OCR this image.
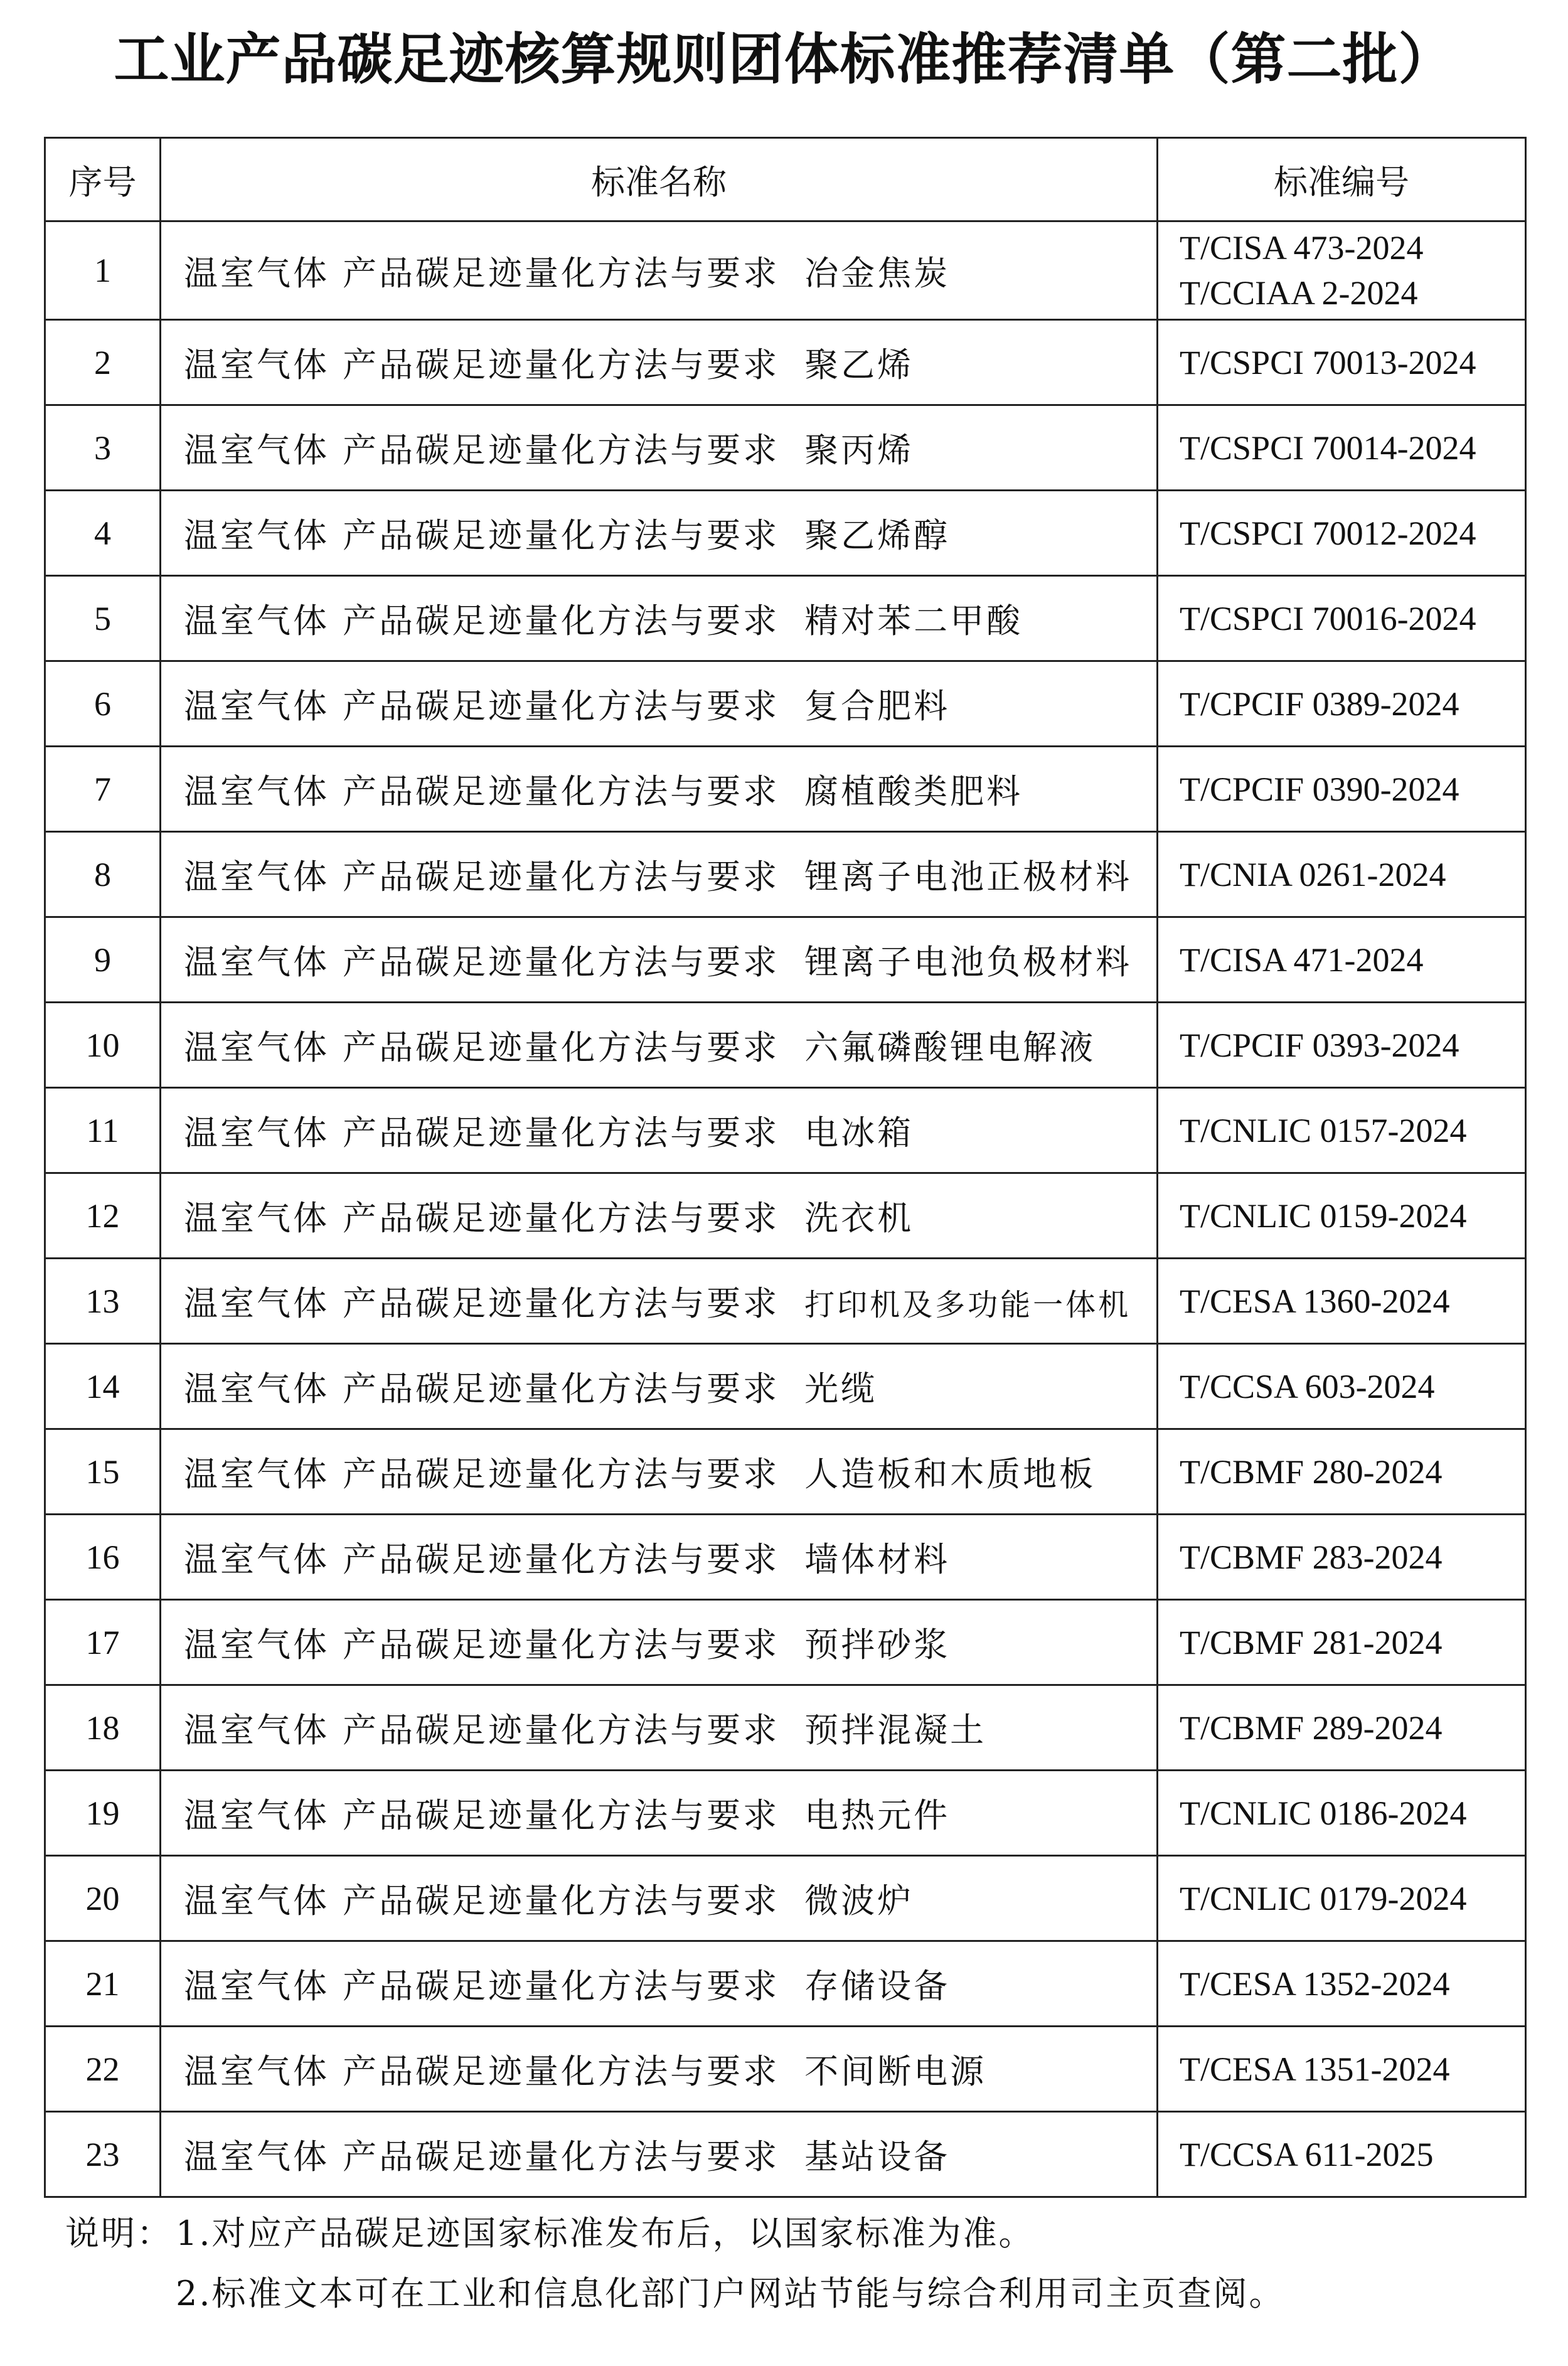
工业产品碳足迹核算规则团体标准推荐清单（第二批）
序号	标准名称	标准编号
1	温室气体 产品碳足迹量化方法与要求 冶金焦炭	T/CISA 473-2024
T/CCIAA 2-2024

2	温室气体 产品碳足迹量化方法与要求 聚乙烯	T/CSPCI 70013-2024

3	温室气体 产品碳足迹量化方法与要求 聚丙烯	T/CSPCI 70014-2024

4	温室气体 产品碳足迹量化方法与要求 聚乙烯醇	T/CSPCI 70012-2024

5	温室气体 产品碳足迹量化方法与要求 精对苯二甲酸	T/CSPCI 70016-2024

6	温室气体 产品碳足迹量化方法与要求 复合肥料	T/CPCIF 0389-2024

7	温室气体 产品碳足迹量化方法与要求 腐植酸类肥料	T/CPCIF 0390-2024

8	温室气体 产品碳足迹量化方法与要求 锂离子电池正极材料	T/CNIA 0261-2024

9	温室气体 产品碳足迹量化方法与要求 锂离子电池负极材料	T/CISA 471-2024

10	温室气体 产品碳足迹量化方法与要求 六氟磷酸锂电解液	T/CPCIF 0393-2024

11	温室气体 产品碳足迹量化方法与要求 电冰箱	T/CNLIC 0157-2024

12	温室气体 产品碳足迹量化方法与要求 洗衣机	T/CNLIC 0159-2024

13	温室气体 产品碳足迹量化方法与要求 打印机及多功能一体机	T/CESA 1360-2024

14	温室气体 产品碳足迹量化方法与要求 光缆	T/CCSA 603-2024

15	温室气体 产品碳足迹量化方法与要求 人造板和木质地板	T/CBMF 280-2024

16	温室气体 产品碳足迹量化方法与要求 墙体材料	T/CBMF 283-2024

17	温室气体 产品碳足迹量化方法与要求 预拌砂浆	T/CBMF 281-2024

18	温室气体 产品碳足迹量化方法与要求 预拌混凝土	T/CBMF 289-2024

19	温室气体 产品碳足迹量化方法与要求 电热元件	T/CNLIC 0186-2024

20	温室气体 产品碳足迹量化方法与要求 微波炉	T/CNLIC 0179-2024

21	温室气体 产品碳足迹量化方法与要求 存储设备	T/CESA 1352-2024

22	温室气体 产品碳足迹量化方法与要求 不间断电源	T/CESA 1351-2024

23	温室气体 产品碳足迹量化方法与要求 基站设备	T/CCSA 611-2025
说明：1.对应产品碳足迹国家标准发布后，以国家标准为准。
2.标准文本可在工业和信息化部门户网站节能与综合利用司主页查阅。
